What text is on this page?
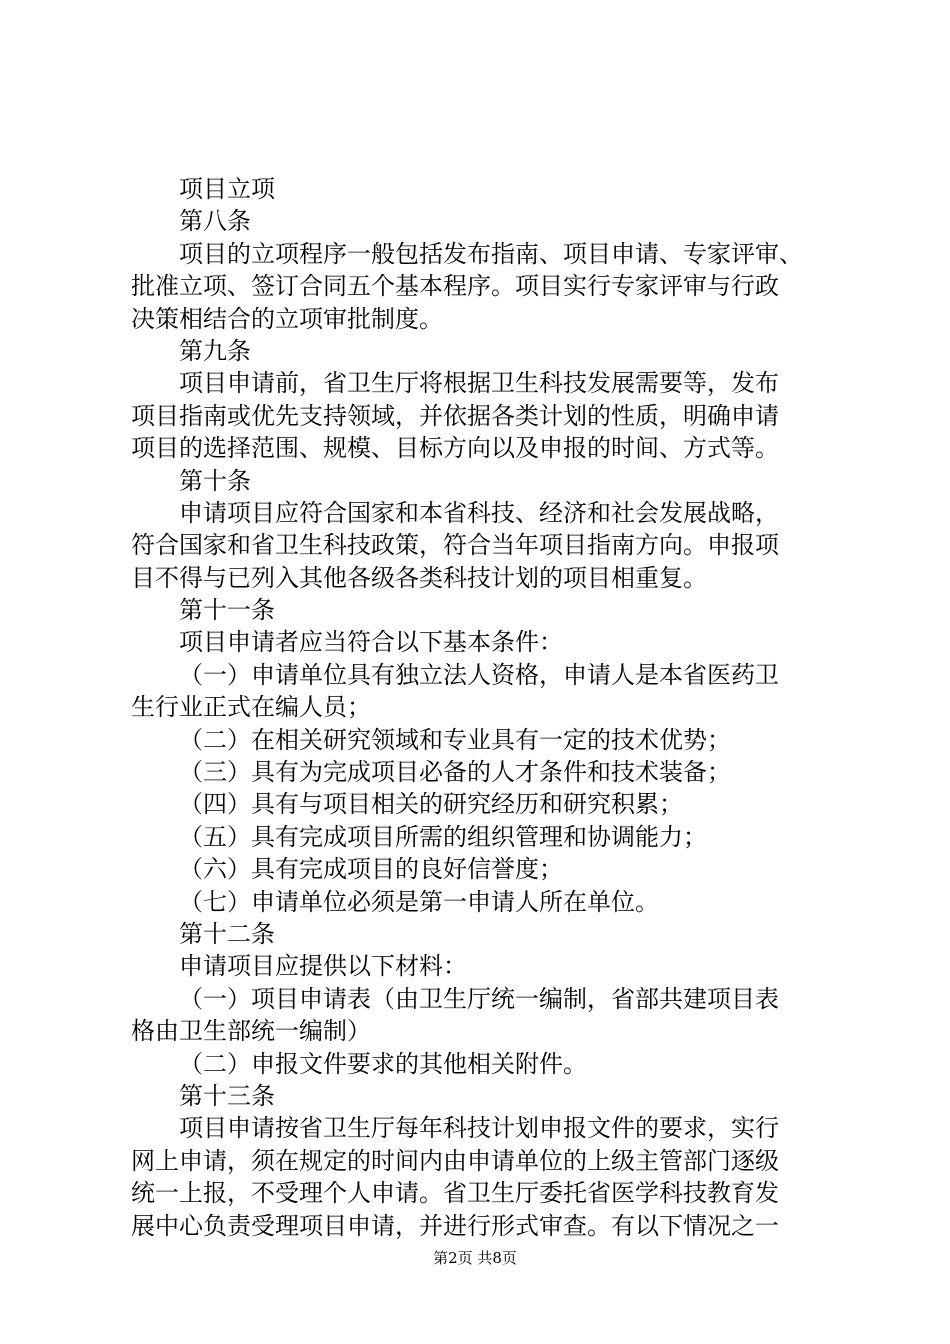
项目立项
第八条
项目的立项程序一般包括发布指南、项目申请、专家评审、
批准立项、签订合同五个基本程序。项目实行专家评审与行政
决策相结合的立项审批制度。
第九条
项目申请前，省卫生厅将根据卫生科技发展需要等，发布
项目指南或优先支持领域，并依据各类计划的性质，明确申请
项目的选择范围、规模、目标方向以及申报的时间、方式等。
第十条
申请项目应符合国家和本省科技、经济和社会发展战略，
符合国家和省卫生科技政策，符合当年项目指南方向。申报项
目不得与已列入其他各级各类科技计划的项目相重复。
第十一条
项目申请者应当符合以下基本条件：
（一）申请单位具有独立法人资格，申请人是本省医药卫
生行业正式在编人员；
（二）在相关研究领域和专业具有一定的技术优势；
（三）具有为完成项目必备的人才条件和技术装备；
（四）具有与项目相关的研究经历和研究积累；
（五）具有完成项目所需的组织管理和协调能力；
（六）具有完成项目的良好信誉度；
（七）申请单位必须是第一申请人所在单位。
第十二条
申请项目应提供以下材料：
（一）项目申请表（由卫生厅统一编制，省部共建项目表
格由卫生部统一编制）
（二）申报文件要求的其他相关附件。
第十三条
项目申请按省卫生厅每年科技计划申报文件的要求，实行
网上申请，须在规定的时间内由申请单位的上级主管部门逐级
统一上报，不受理个人申请。省卫生厅委托省医学科技教育发
展中心负责受理项目申请，并进行形式审查。有以下情况之一
第2页 共8页
